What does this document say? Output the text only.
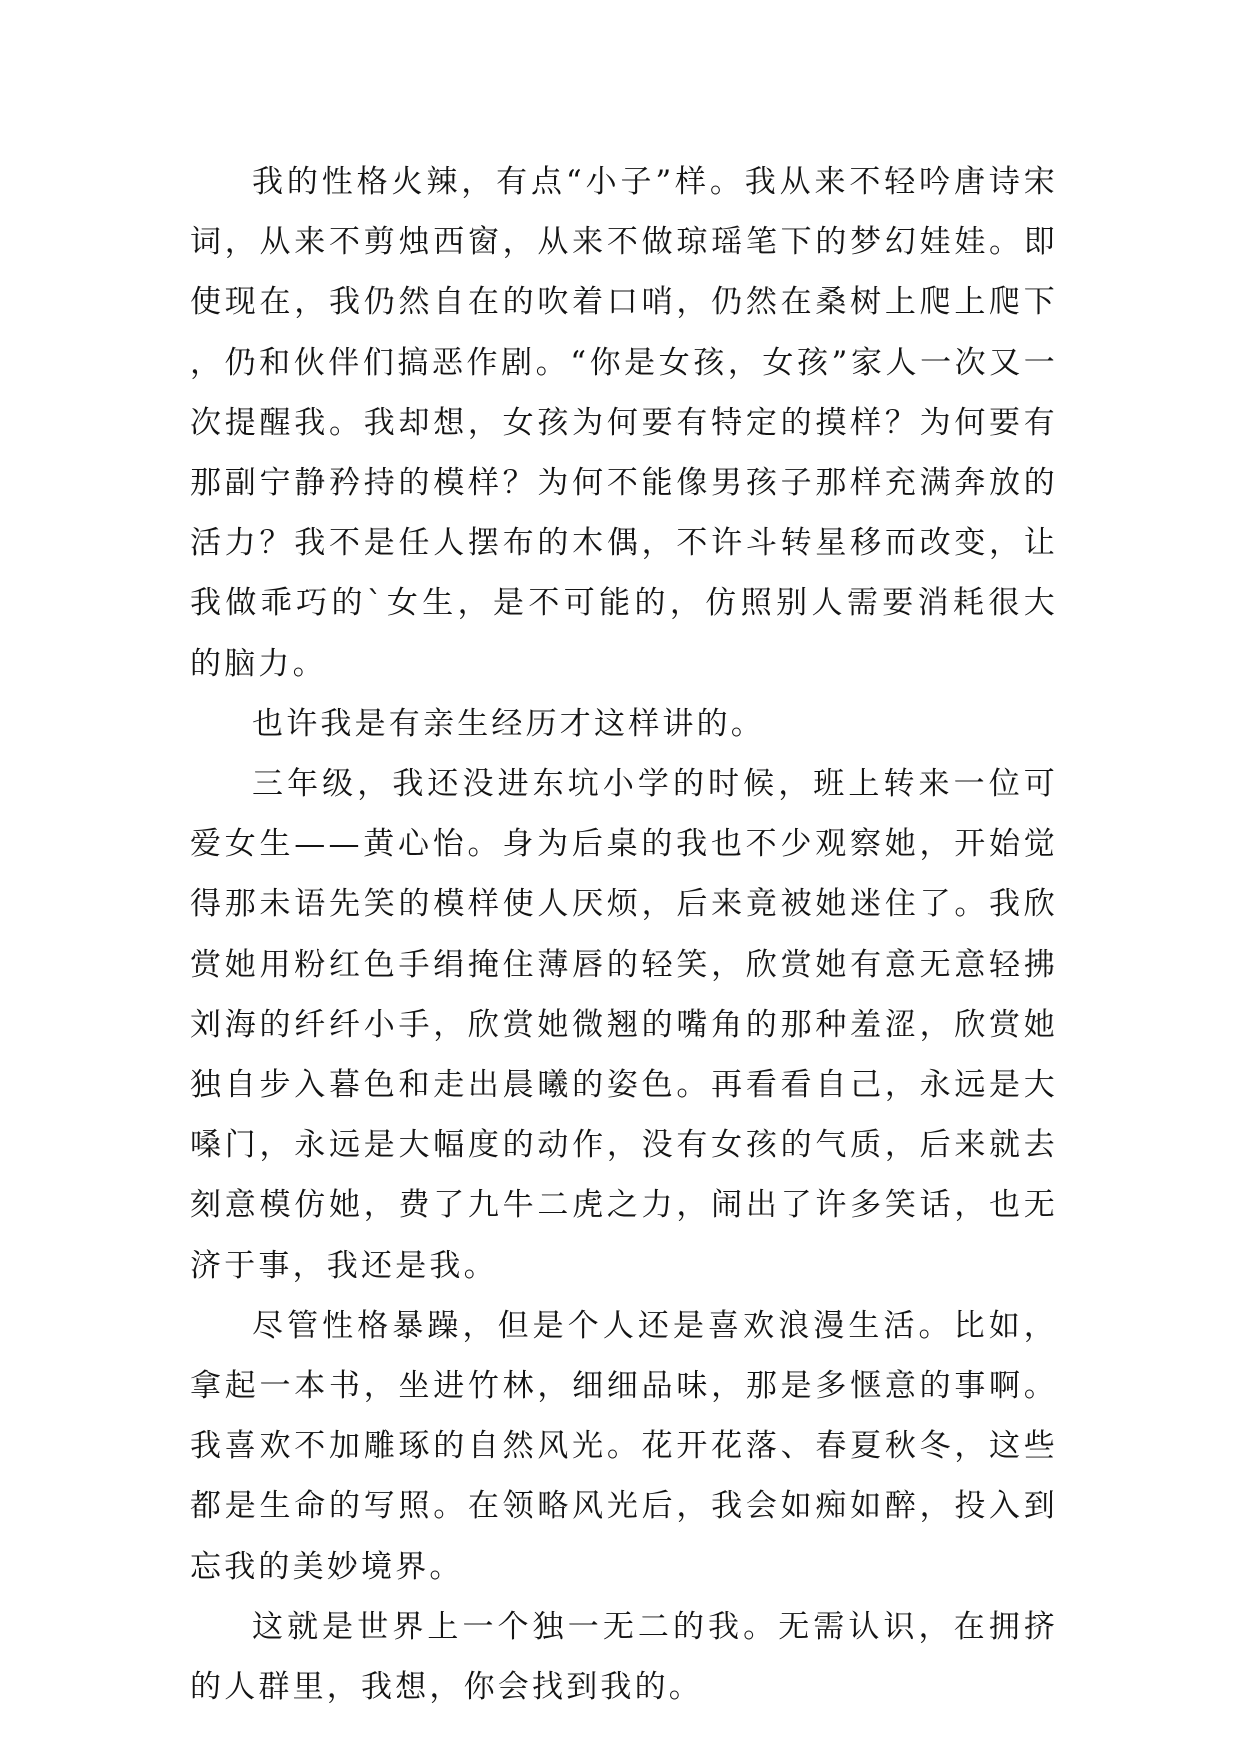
我的性格火辣，有点“小子”样。我从来不轻吟唐诗宋词，从来不剪烛西窗，从来不做琼瑶笔下的梦幻娃娃。即使现在，我仍然自在的吹着口哨，仍然在桑树上爬上爬下，仍和伙伴们搞恶作剧。“你是女孩，女孩”家人一次又一次提醒我。我却想，女孩为何要有特定的摸样？为何要有那副宁静矜持的模样？为何不能像男孩子那样充满奔放的活力？我不是任人摆布的木偶，不许斗转星移而改变，让我做乖巧的`女生，是不可能的，仿照别人需要消耗很大的脑力。

也许我是有亲生经历才这样讲的。

三年级，我还没进东坑小学的时候，班上转来一位可爱女生——黄心怡。身为后桌的我也不少观察她，开始觉得那未语先笑的模样使人厌烦，后来竟被她迷住了。我欣赏她用粉红色手绢掩住薄唇的轻笑，欣赏她有意无意轻拂刘海的纤纤小手，欣赏她微翘的嘴角的那种羞涩，欣赏她独自步入暮色和走出晨曦的姿色。再看看自己，永远是大嗓门，永远是大幅度的动作，没有女孩的气质，后来就去刻意模仿她，费了九牛二虎之力，闹出了许多笑话，也无济于事，我还是我。

尽管性格暴躁，但是个人还是喜欢浪漫生活。比如，拿起一本书，坐进竹林，细细品味，那是多惬意的事啊。我喜欢不加雕琢的自然风光。花开花落、春夏秋冬，这些都是生命的写照。在领略风光后，我会如痴如醉，投入到忘我的美妙境界。

这就是世界上一个独一无二的我。无需认识，在拥挤的人群里，我想，你会找到我的。
